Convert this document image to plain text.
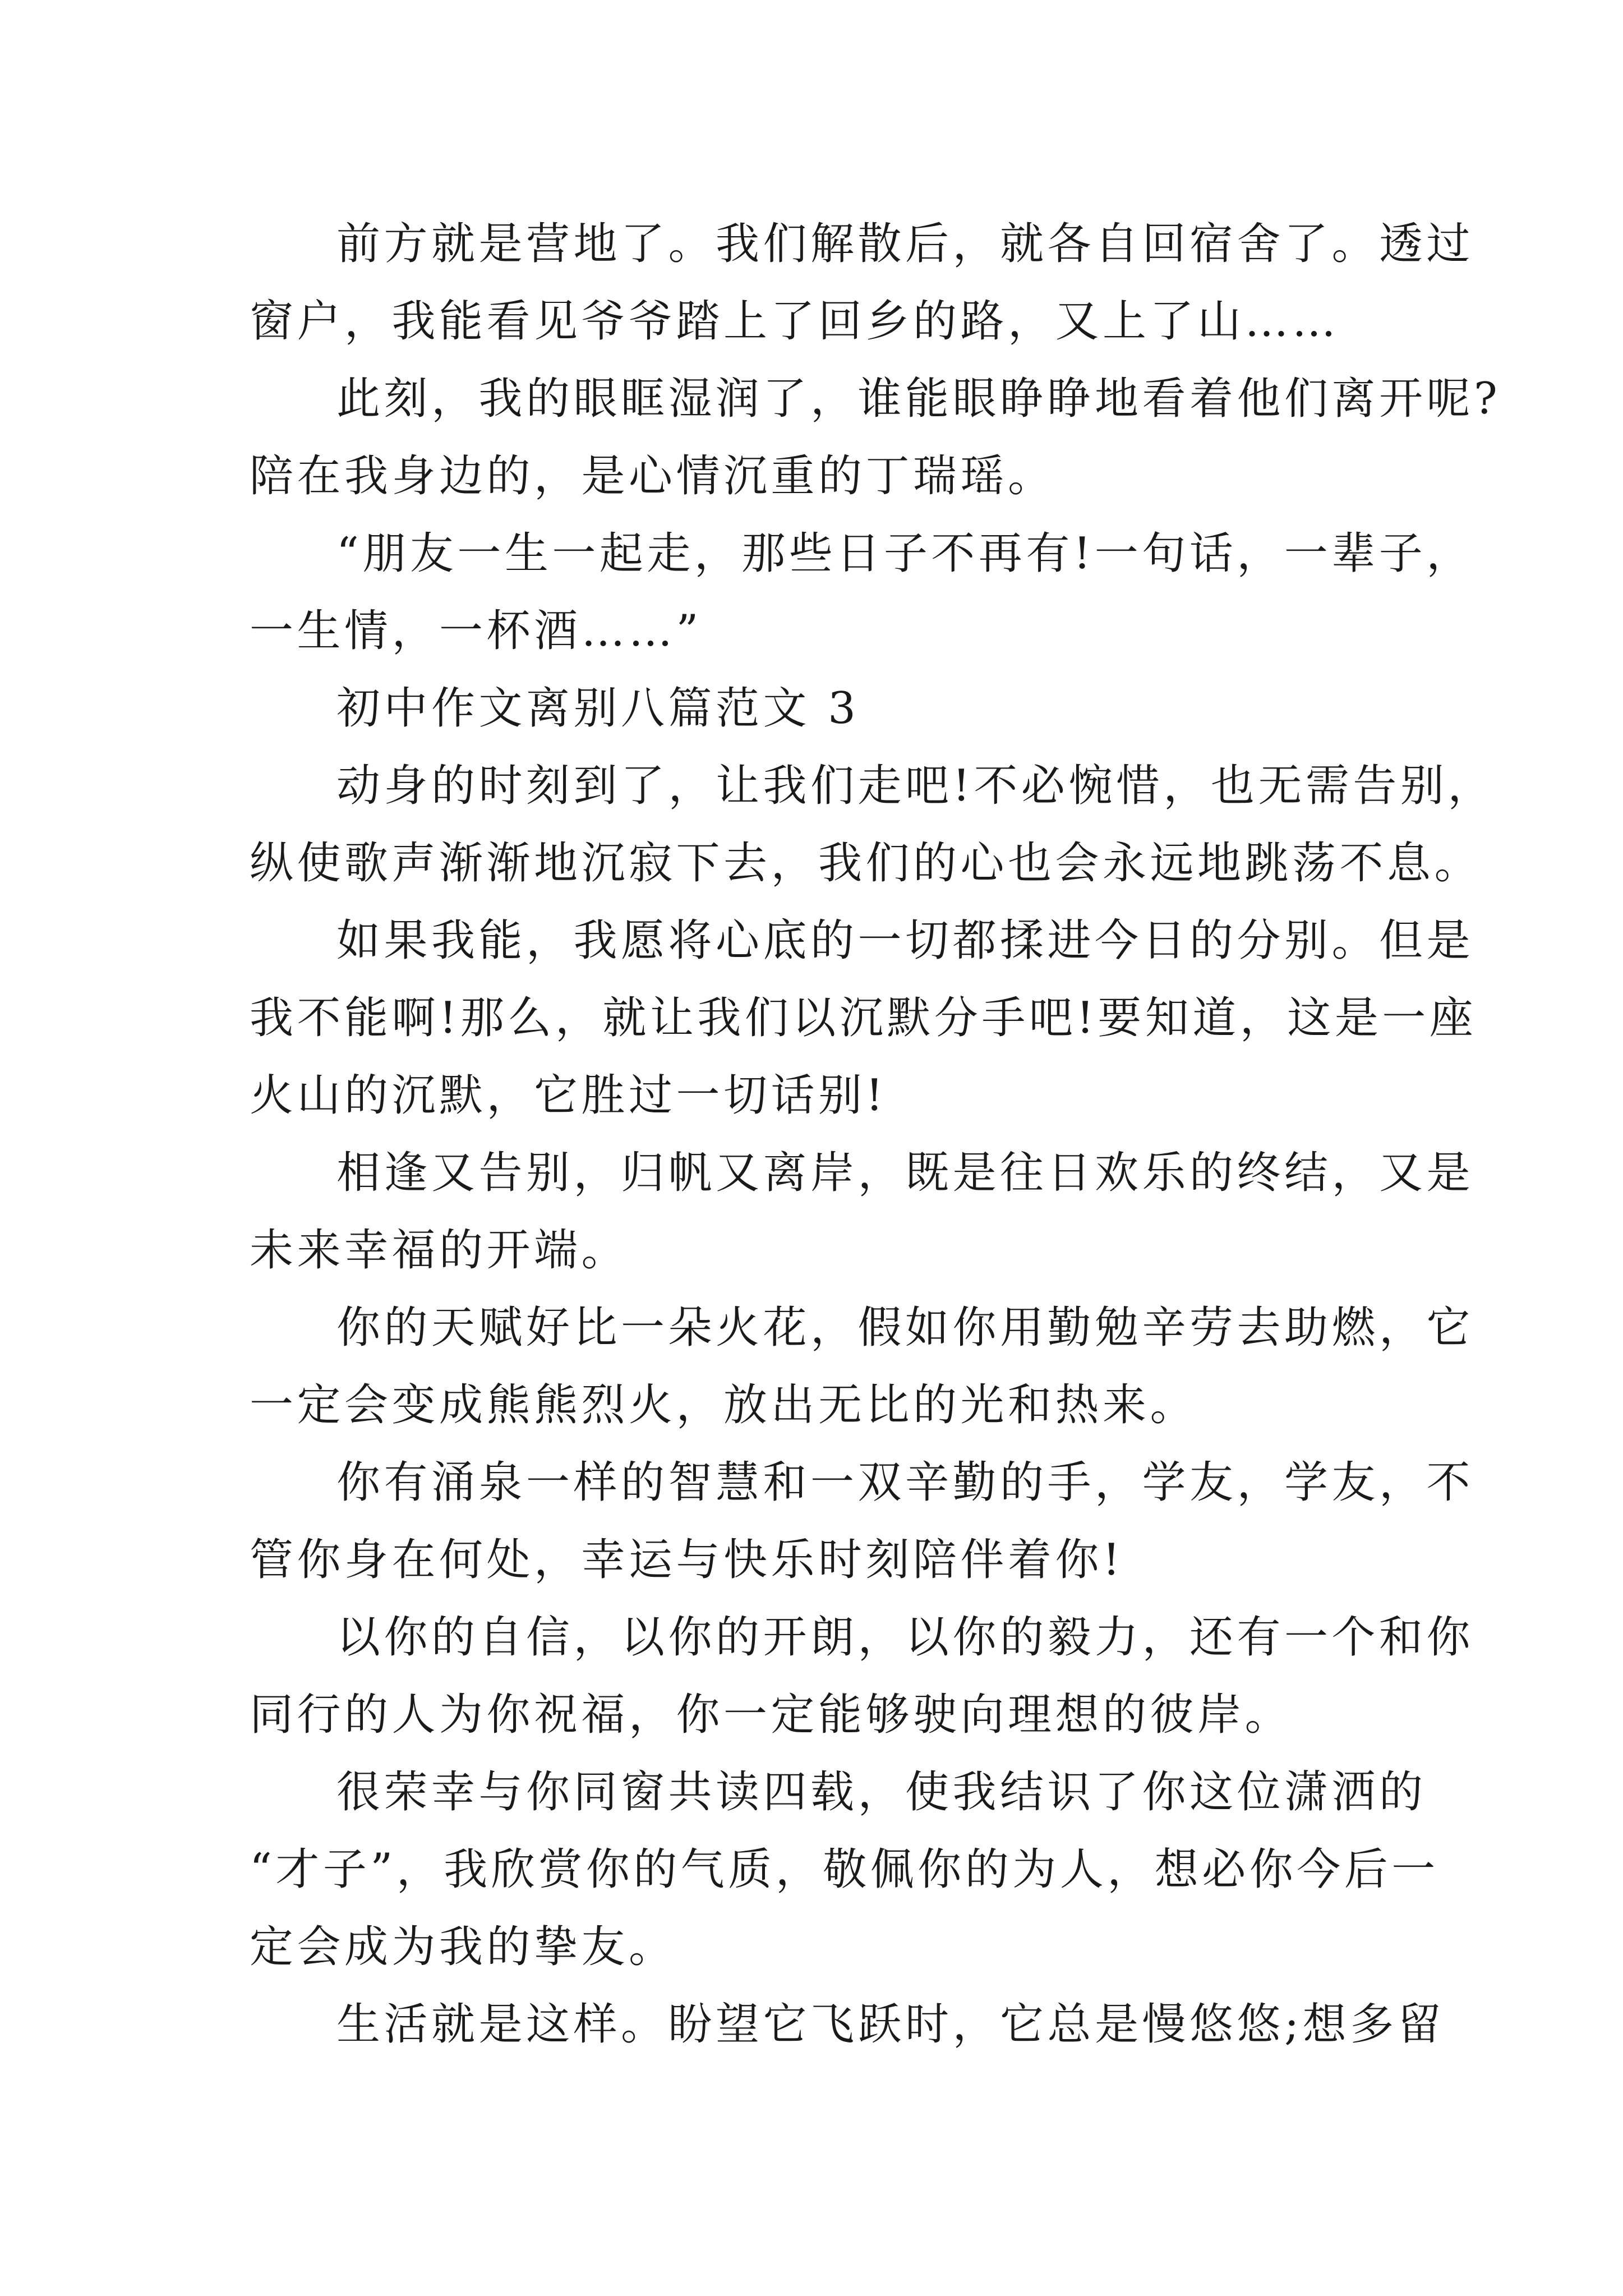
前方就是营地了。我们解散后，就各自回宿舍了。透过
窗户，我能看见爷爷踏上了回乡的路，又上了山……
此刻，我的眼眶湿润了，谁能眼睁睁地看着他们离开呢?
陪在我身边的，是心情沉重的丁瑞瑶。
“朋友一生一起走，那些日子不再有!一句话，一辈子，
一生情，一杯酒……”
初中作文离别八篇范文 3
动身的时刻到了，让我们走吧!不必惋惜，也无需告别，
纵使歌声渐渐地沉寂下去，我们的心也会永远地跳荡不息。
如果我能，我愿将心底的一切都揉进今日的分别。但是
我不能啊!那么，就让我们以沉默分手吧!要知道，这是一座
火山的沉默，它胜过一切话别!
相逢又告别，归帆又离岸，既是往日欢乐的终结，又是
未来幸福的开端。
你的天赋好比一朵火花，假如你用勤勉辛劳去助燃，它
一定会变成熊熊烈火，放出无比的光和热来。
你有涌泉一样的智慧和一双辛勤的手，学友，学友，不
管你身在何处，幸运与快乐时刻陪伴着你!
以你的自信，以你的开朗，以你的毅力，还有一个和你
同行的人为你祝福，你一定能够驶向理想的彼岸。
很荣幸与你同窗共读四载，使我结识了你这位潇洒的
“才子”，我欣赏你的气质，敬佩你的为人，想必你今后一
定会成为我的挚友。
生活就是这样。盼望它飞跃时，它总是慢悠悠;想多留
